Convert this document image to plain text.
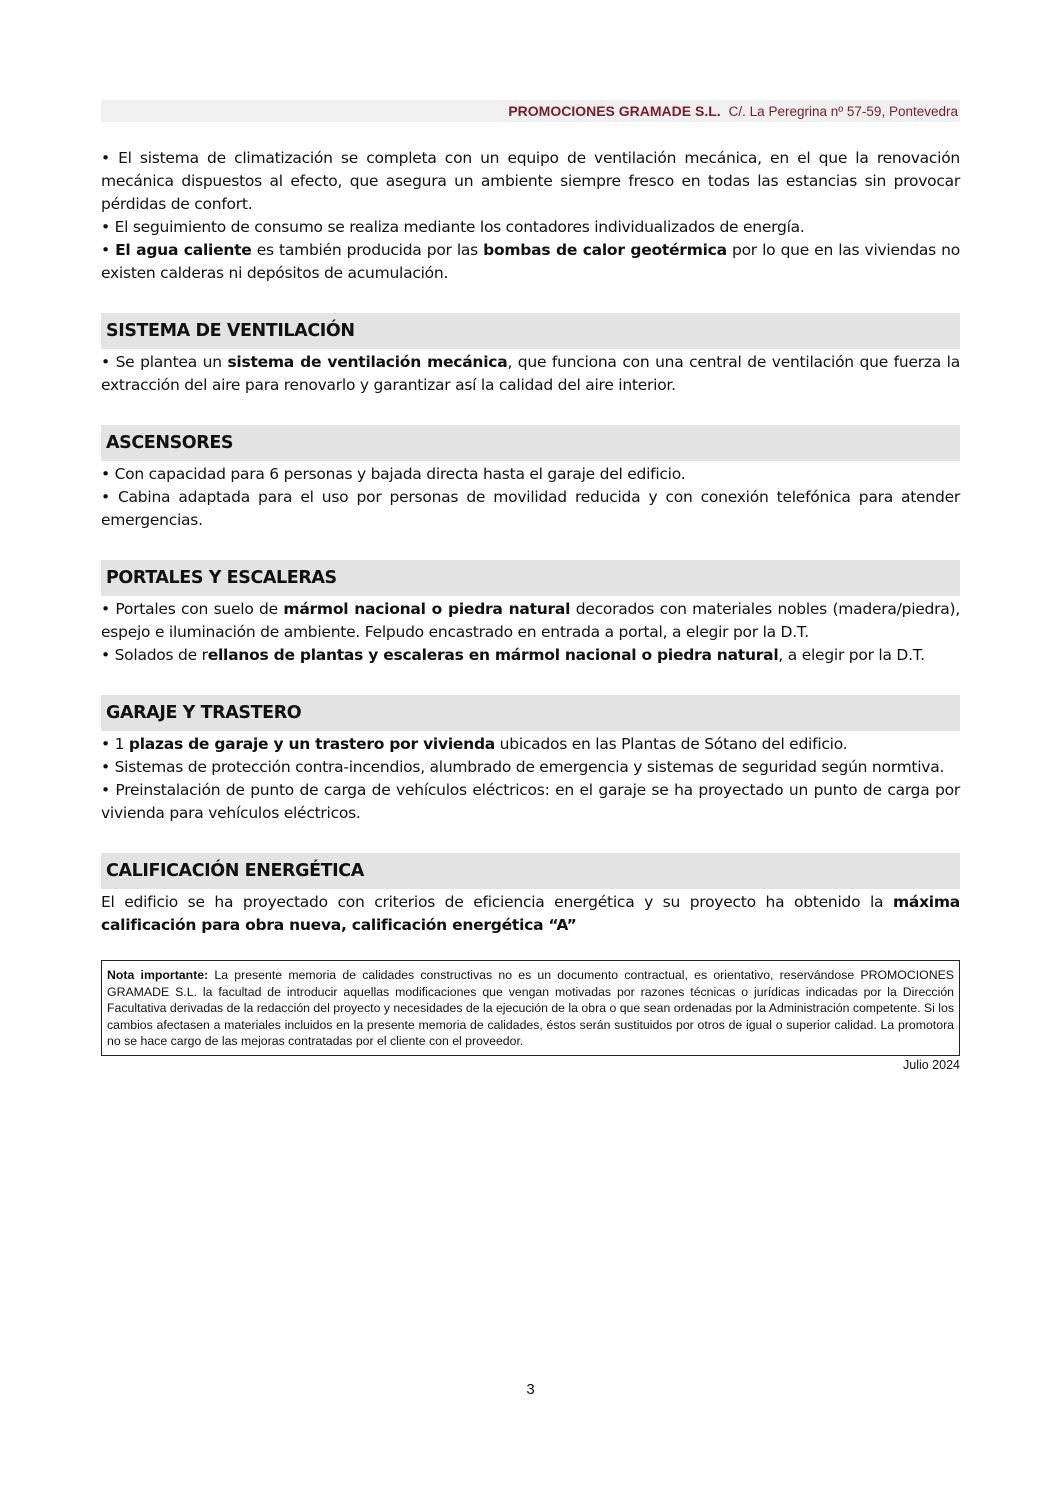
PROMOCIONES GRAMADE S.L. C/. La Peregrina nº 57-59, Pontevedra

• El sistema de climatización se completa con un equipo de ventilación mecánica, en el que la renovación mecánica dispuestos al efecto, que asegura un ambiente siempre fresco en todas las estancias sin provocar pérdidas de confort.

• El seguimiento de consumo se realiza mediante los contadores individualizados de energía.

• El agua caliente es también producida por las bombas de calor geotérmica por lo que en las viviendas no existen calderas ni depósitos de acumulación.

SISTEMA DE VENTILACIÓN

• Se plantea un sistema de ventilación mecánica, que funciona con una central de ventilación que fuerza la extracción del aire para renovarlo y garantizar así la calidad del aire interior.

ASCENSORES

• Con capacidad para 6 personas y bajada directa hasta el garaje del edificio.

• Cabina adaptada para el uso por personas de movilidad reducida y con conexión telefónica para atender emergencias.

PORTALES Y ESCALERAS

• Portales con suelo de mármol nacional o piedra natural decorados con materiales nobles (madera/piedra), espejo e iluminación de ambiente. Felpudo encastrado en entrada a portal, a elegir por la D.T.

• Solados de rellanos de plantas y escaleras en mármol nacional o piedra natural, a elegir por la D.T.

GARAJE Y TRASTERO

• 1 plazas de garaje y un trastero por vivienda ubicados en las Plantas de Sótano del edificio.

• Sistemas de protección contra-incendios, alumbrado de emergencia y sistemas de seguridad según normtiva.

• Preinstalación de punto de carga de vehículos eléctricos: en el garaje se ha proyectado un punto de carga por vivienda para vehículos eléctricos.

CALIFICACIÓN ENERGÉTICA

El edificio se ha proyectado con criterios de eficiencia energética y su proyecto ha obtenido la máxima calificación para obra nueva, calificación energética “A”

Nota importante: La presente memoria de calidades constructivas no es un documento contractual, es orientativo, reservándose PROMOCIONES GRAMADE S.L. la facultad de introducir aquellas modificaciones que vengan motivadas por razones técnicas o jurídicas indicadas por la Dirección Facultativa derivadas de la redacción del proyecto y necesidades de la ejecución de la obra o que sean ordenadas por la Administración competente. Si los cambios afectasen a materiales incluidos en la presente memoria de calidades, éstos serán sustituidos por otros de igual o superior calidad. La promotora no se hace cargo de las mejoras contratadas por el cliente con el proveedor.
Julio 2024
3
